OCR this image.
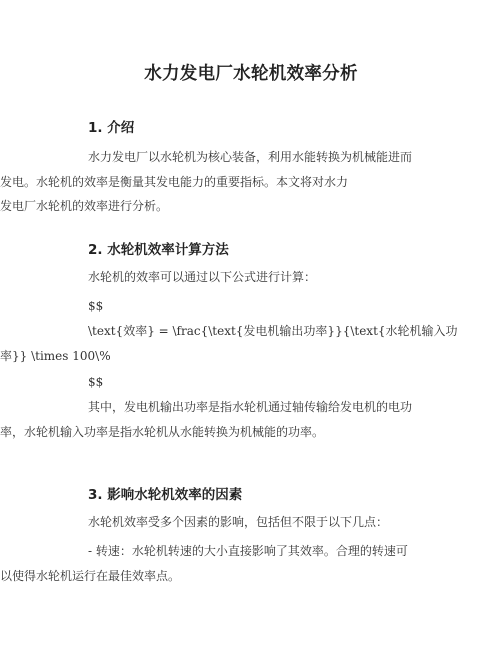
水力发电厂水轮机效率分析
1. 介绍
水力发电厂以水轮机为核心装备，利用水能转换为机械能进而
发电。水轮机的效率是衡量其发电能力的重要指标。本文将对水力
发电厂水轮机的效率进行分析。
2. 水轮机效率计算方法
水轮机的效率可以通过以下公式进行计算：
$$
\text{效率} = \frac{\text{发电机输出功率}}{\text{水轮机输入功
率}} \times 100\%
$$
其中，发电机输出功率是指水轮机通过轴传输给发电机的电功
率，水轮机输入功率是指水轮机从水能转换为机械能的功率。
3. 影响水轮机效率的因素
水轮机效率受多个因素的影响，包括但不限于以下几点：
- 转速：水轮机转速的大小直接影响了其效率。合理的转速可
以使得水轮机运行在最佳效率点。
